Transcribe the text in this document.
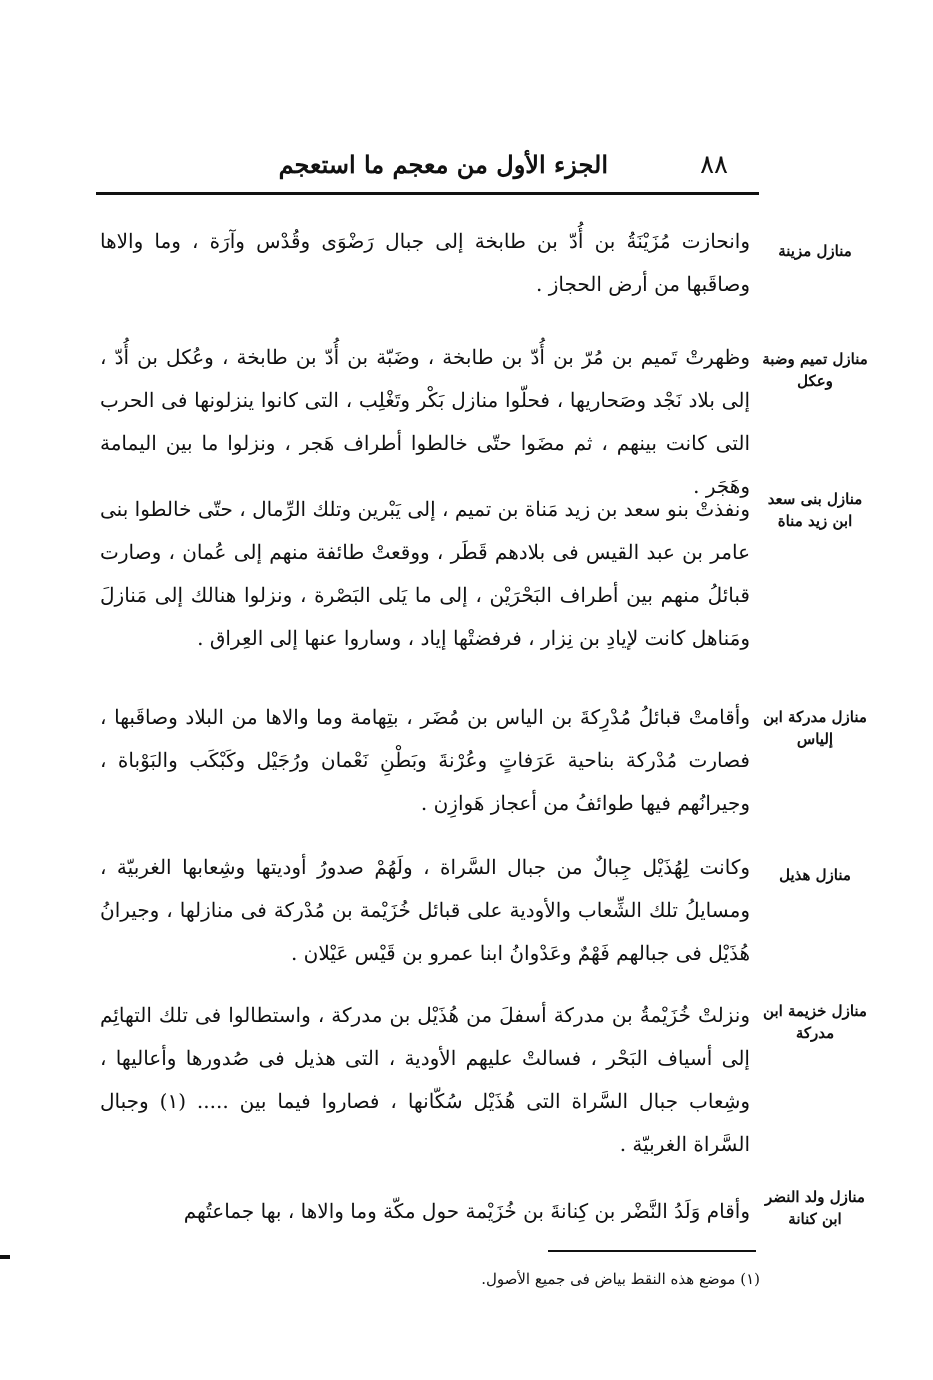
٨٨
الجزء الأول من معجم ما استعجم
منازل مزينة
وانحازت مُزَيْنَةُ بن أُدّ بن طابخة إلى جبال رَضْوَى وقُدْس وآرَة ، وما والاها وصاقَبها من أرض الحجاز .
منازل تميم وضبة وعكل
وظهرتْ تَميم بن مُرّ بن أُدّ بن طابخة ، وضَبّة بن أُدّ بن طابخة ، وعُكل بن أُدّ ، إلى بلاد نَجْد وصَحاريها ، فحلّوا منازل بَكْر وتَغْلِب ، التى كانوا ينزلونها فى الحرب التى كانت بينهم ، ثم مضَوا حتّى خالطوا أطراف هَجر ، ونزلوا ما بين اليمامة وهَجَر .
منازل بنى سعد ابن زيد مناة
ونفذتْ بنو سعد بن زيد مَناة بن تميم ، إلى يَبْرين وتلك الرِّمال ، حتّى خالطوا بنى عامر بن عبد القيس فى بلادهم قَطَر ، ووقعتْ طائفة منهم إلى عُمان ، وصارت قبائلُ منهم بين أطراف البَحْرَيْن ، إلى ما يَلى البَصْرة ، ونزلوا هنالك إلى مَنازلَ ومَناهل كانت لإيادِ بن نِزار ، فرفضتْها إياد ، وساروا عنها إلى العِراق .
منازل مدركة ابن إلياس
وأقامتْ قبائلُ مُدْرِكةَ بن الياس بن مُضَر ، بتِهامة وما والاها من البلاد وصاقَبها ، فصارت مُدْركة بناحية عَرَفاتٍ وعُرْنةَ وبَطْنِ نَعْمان ورُجَيْل وكَبْكَب والبَوْباة ، وجيرانُهم فيها طوائفُ من أعجاز هَوازِن .
منازل هذيل
وكانت لِهُذَيْل جِبالٌ من جبال السَّراة ، ولَهُمْ صدورُ أوديتها وشِعابها الغربيّة ، ومسايلُ تلك الشِّعاب والأودية على قبائل خُزَيْمة بن مُدْركة فى منازلها ، وجيرانُ هُذَيْل فى جبالهم فَهْمٌ وعَدْوانُ ابنا عمرو بن قَيْس عَيْلان .
منازل خزيمة ابن مدركة
ونزلتْ خُزَيْمةُ بن مدركة أسفلَ من هُذَيْل بن مدركة ، واستطالوا فى تلك التهائِم إلى أسياف البَحْر ، فسالتْ عليهم الأودية ، التى هذيل فى صُدورها وأعاليها ، وشِعاب جبال السَّراة التى هُذَيْل سُكّانها ، فصاروا فيما بين ..... (١) وجبال السَّراة الغربيّة .
منازل ولد النضر ابن كنانة
وأقام وَلَدُ النَّضْر بن كِنانةَ بن خُزَيْمة حول مكّة وما والاها ، بها جماعتُهم
(١) موضع هذه النقط بياض فى جميع الأصول.
